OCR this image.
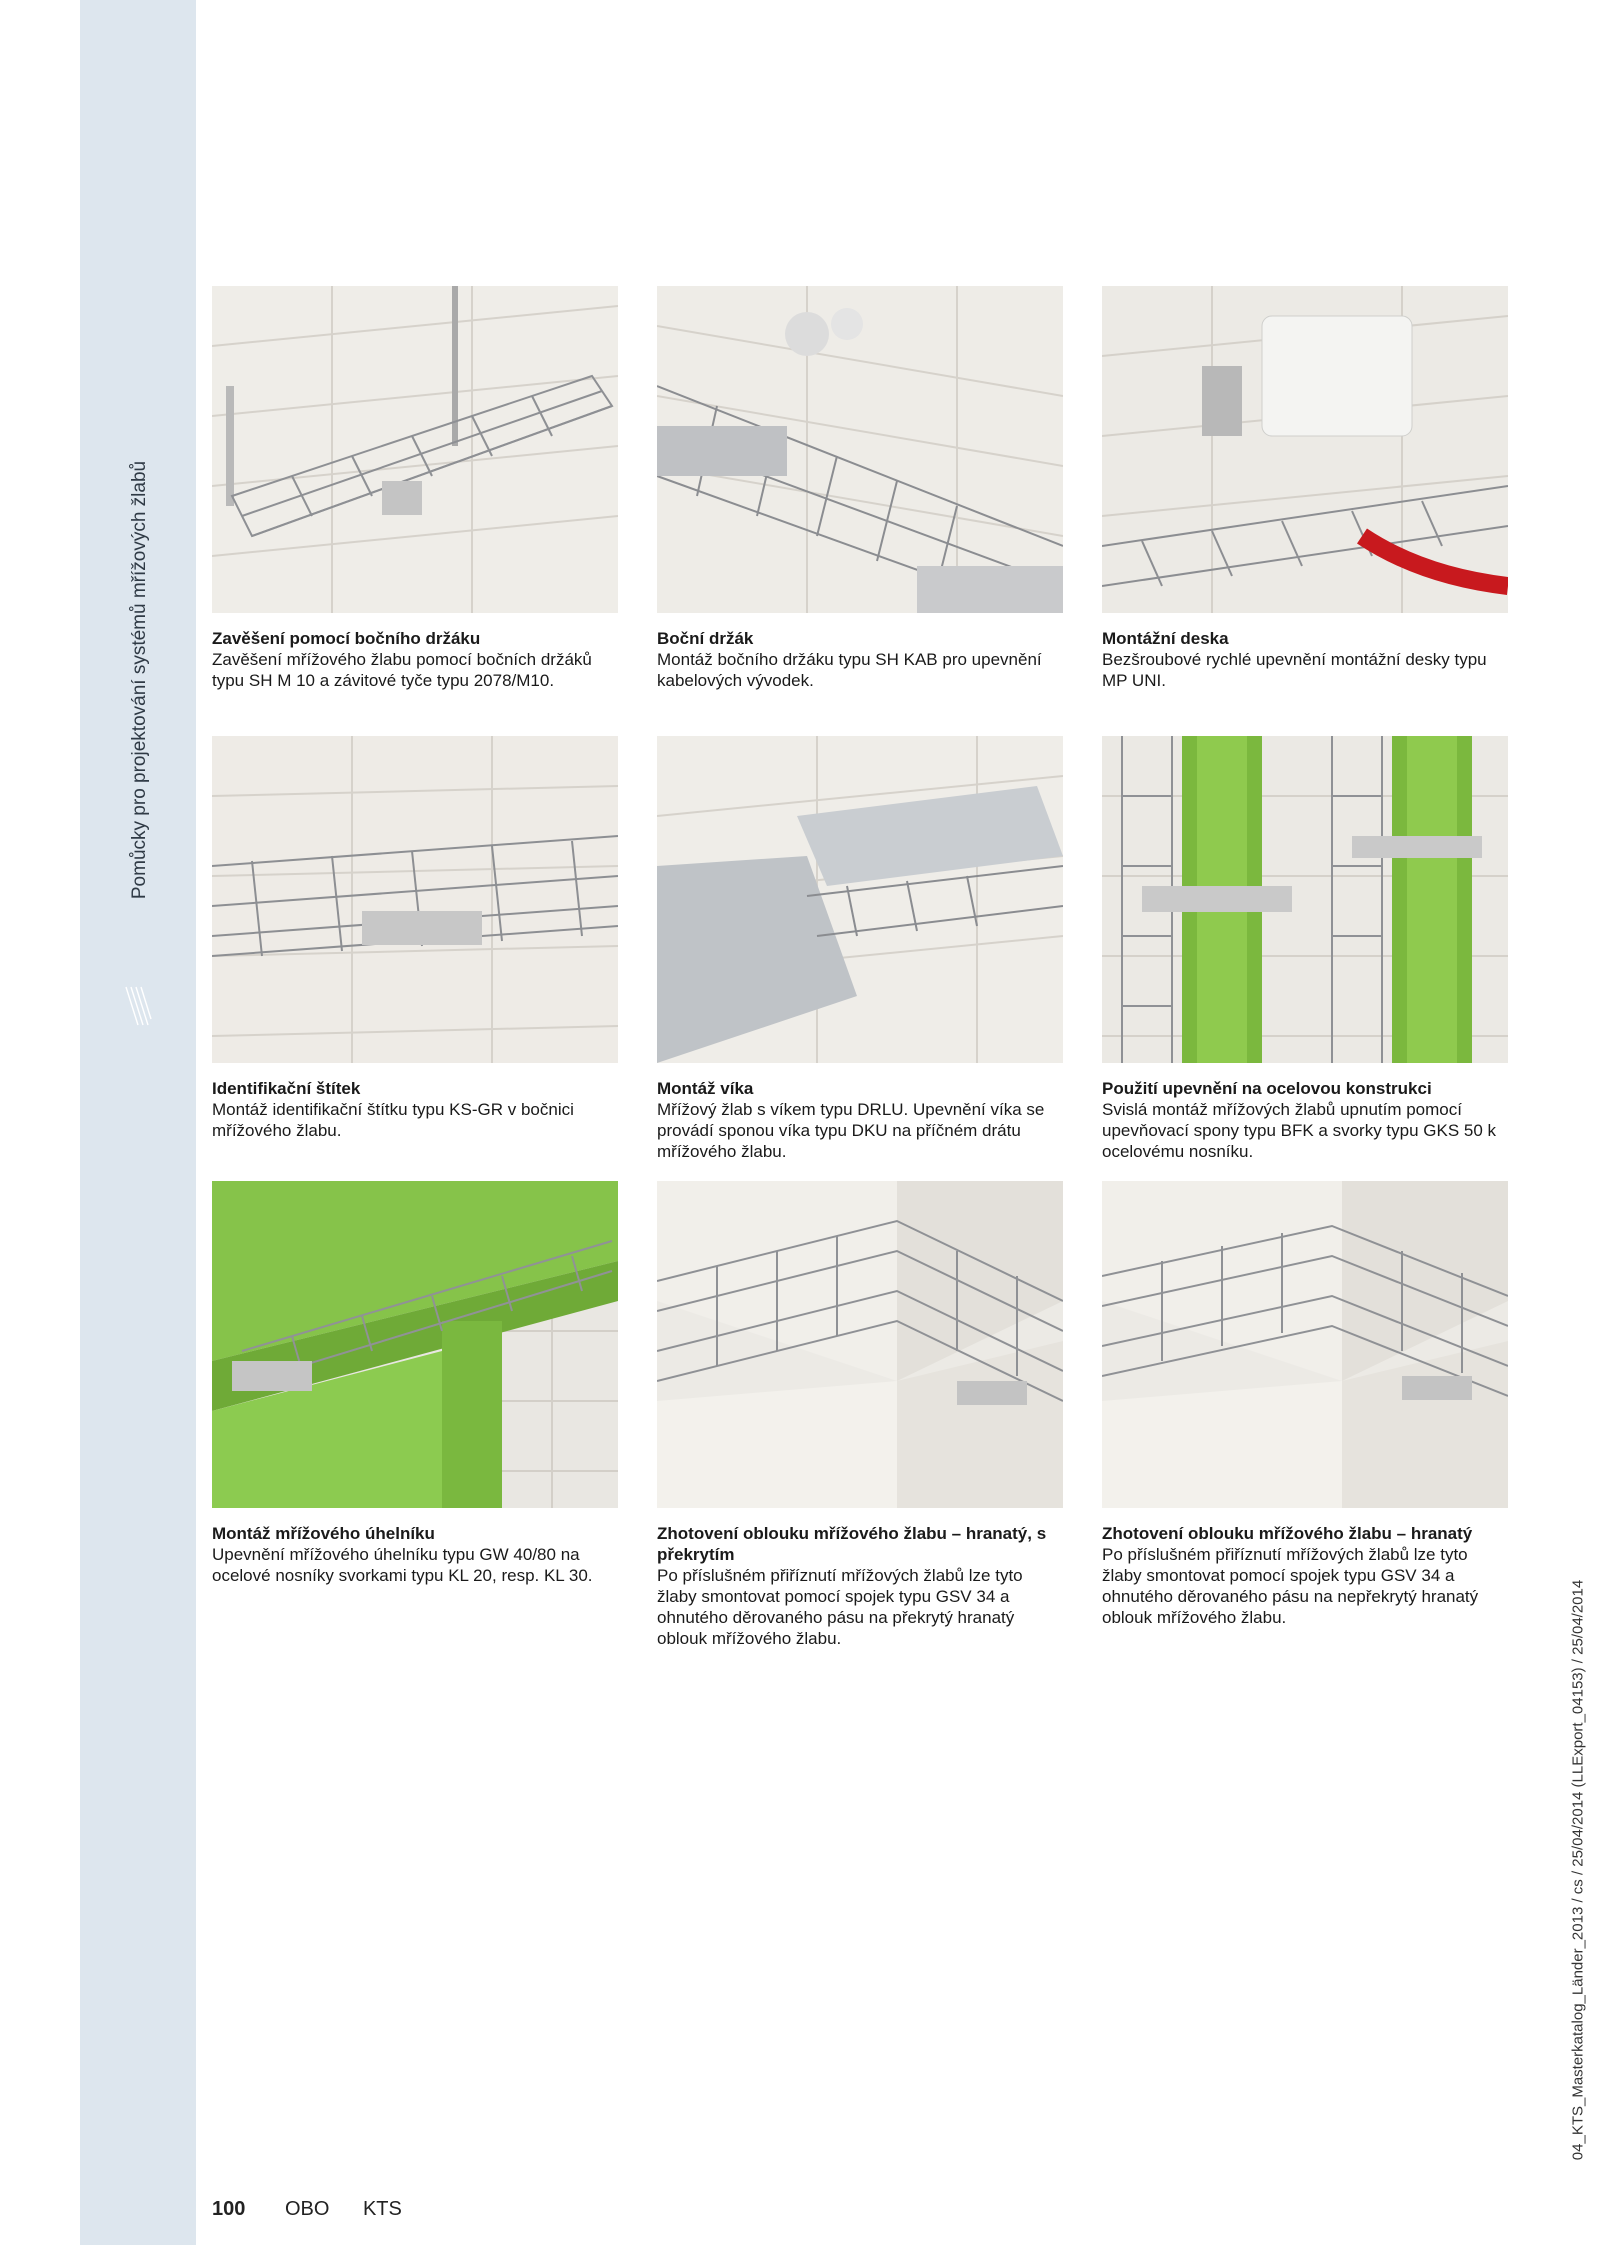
Pomůcky pro projektování systémů mřížových žlabů	Zavěšení pomocí bočního držáku
Zavěšení mřížového žlabu pomocí bočních držáků typu SH M 10 a závitové tyče typu 2078/M10.
Boční držák
Montáž bočního držáku typu SH KAB pro upevnění kabelových vývodek.
Montážní deska
Bezšroubové rychlé upevnění montážní desky typu MP UNI.
Identifikační štítek
Montáž identifikační štítku typu KS-GR v bočnici mřížového žlabu.
Montáž víka
Mřížový žlab s víkem typu DRLU. Upevnění víka se provádí sponou víka typu DKU na příčném drátu mřížového žlabu.
Použití upevnění na ocelovou konstrukci
Svislá montáž mřížových žlabů upnutím pomocí upevňovací spony typu BFK a svorky typu GKS 50 k ocelovému nosníku.
Montáž mřížového úhelníku
Upevnění mřížového úhelníku typu GW 40/80 na ocelové nosníky svorkami typu KL 20, resp. KL 30.
Zhotovení oblouku mřížového žlabu – hranatý, s překrytím
Po příslušném přiříznutí mřížových žlabů lze tyto žlaby smontovat pomocí spojek typu GSV 34 a ohnutého děrovaného pásu na překrytý hranatý oblouk mřížového žlabu.
Zhotovení oblouku mřížového žlabu – hranatý
Po příslušném přiříznutí mřížových žlabů lze tyto žlaby smontovat pomocí spojek typu GSV 34 a ohnutého děrovaného pásu na nepřekrytý hranatý oblouk mřížového žlabu.
100 OBO KTS
04_KTS_Masterkatalog_Länder_2013 / cs / 25/04/2014 (LLExport_04153) / 25/04/2014
